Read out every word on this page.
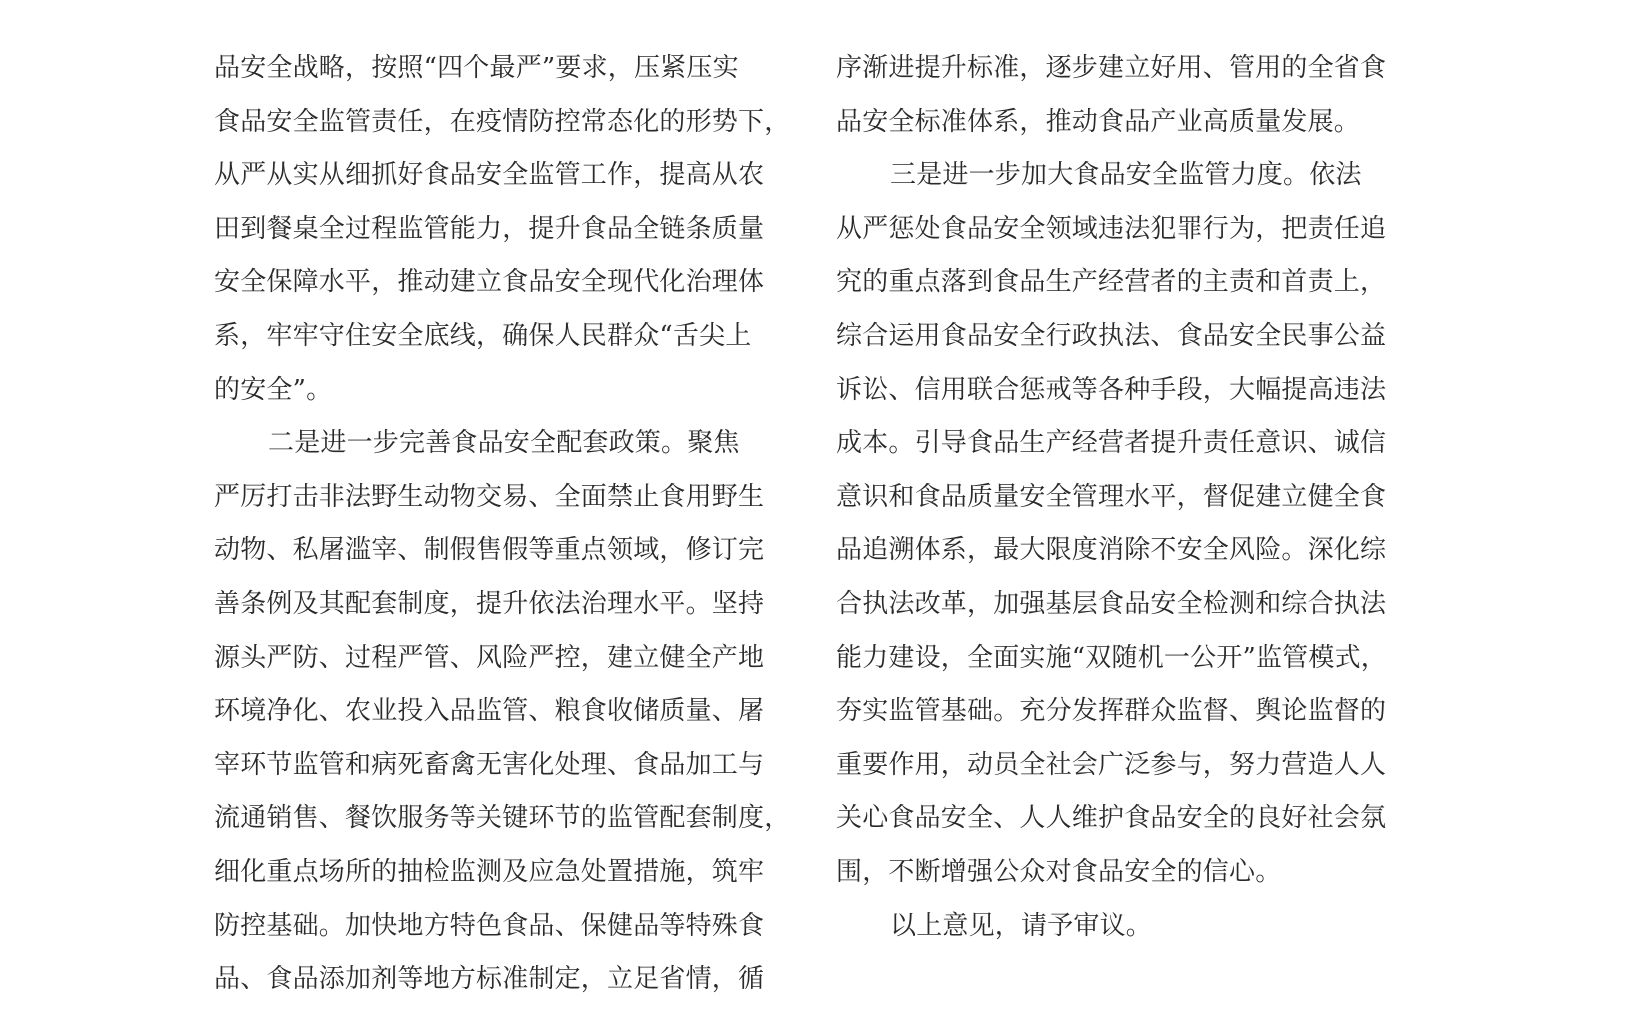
品安全战略，按照“四个最严”要求，压紧压实
食品安全监管责任，在疫情防控常态化的形势下，
从严从实从细抓好食品安全监管工作，提高从农
田到餐桌全过程监管能力，提升食品全链条质量
安全保障水平，推动建立食品安全现代化治理体
系，牢牢守住安全底线，确保人民群众“舌尖上
的安全”。
二是进一步完善食品安全配套政策。聚焦
严厉打击非法野生动物交易、全面禁止食用野生
动物、私屠滥宰、制假售假等重点领域，修订完
善条例及其配套制度，提升依法治理水平。坚持
源头严防、过程严管、风险严控，建立健全产地
环境净化、农业投入品监管、粮食收储质量、屠
宰环节监管和病死畜禽无害化处理、食品加工与
流通销售、餐饮服务等关键环节的监管配套制度，
细化重点场所的抽检监测及应急处置措施，筑牢
防控基础。加快地方特色食品、保健品等特殊食
品、食品添加剂等地方标准制定，立足省情，循
序渐进提升标准，逐步建立好用、管用的全省食
品安全标准体系，推动食品产业高质量发展。
三是进一步加大食品安全监管力度。依法
从严惩处食品安全领域违法犯罪行为，把责任追
究的重点落到食品生产经营者的主责和首责上，
综合运用食品安全行政执法、食品安全民事公益
诉讼、信用联合惩戒等各种手段，大幅提高违法
成本。引导食品生产经营者提升责任意识、诚信
意识和食品质量安全管理水平，督促建立健全食
品追溯体系，最大限度消除不安全风险。深化综
合执法改革，加强基层食品安全检测和综合执法
能力建设，全面实施“双随机一公开”监管模式，
夯实监管基础。充分发挥群众监督、舆论监督的
重要作用，动员全社会广泛参与，努力营造人人
关心食品安全、人人维护食品安全的良好社会氛
围，不断增强公众对食品安全的信心。
以上意见，请予审议。
